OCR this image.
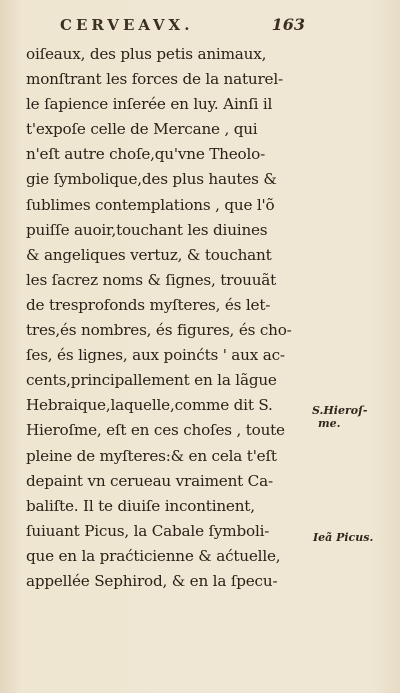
CERVEAVX.	163
oiſeaux, des plus petis animaux,
monſtrant les forces de la naturel-
le ſapience inſerée en luy. Ainſi il
t'expoſe celle de Mercane , qui
n'eſt autre choſe,qu'vne Theolo-
gie ſymbolique,des plus hautes &
ſublimes contemplations , que l'õ
puiſſe auoir,touchant les diuines
& angeliques vertuz, & touchant
les ſacrez noms & ſignes, trouuãt
de tresprofonds myſteres, és let-
tres,és nombres, és figures, és cho-
ſes, és lignes, aux poinćts ' aux ac-
cents,principallement en la lãgue
Hebraique,laquelle,comme dit S.
Hieroſme, eſt en ces choſes , toute
pleine de myſteres:& en cela t'eſt
depaint vn cerueau vraiment Ca-
baliſte. Il te diuiſe incontinent,
ſuiuant Picus, la Cabale ſymboli-
que en la praćticienne & aćtuelle,
appellée Sephirod, & en la ſpecu-
S.Hieroſ-
me.
Ieã Picus.
